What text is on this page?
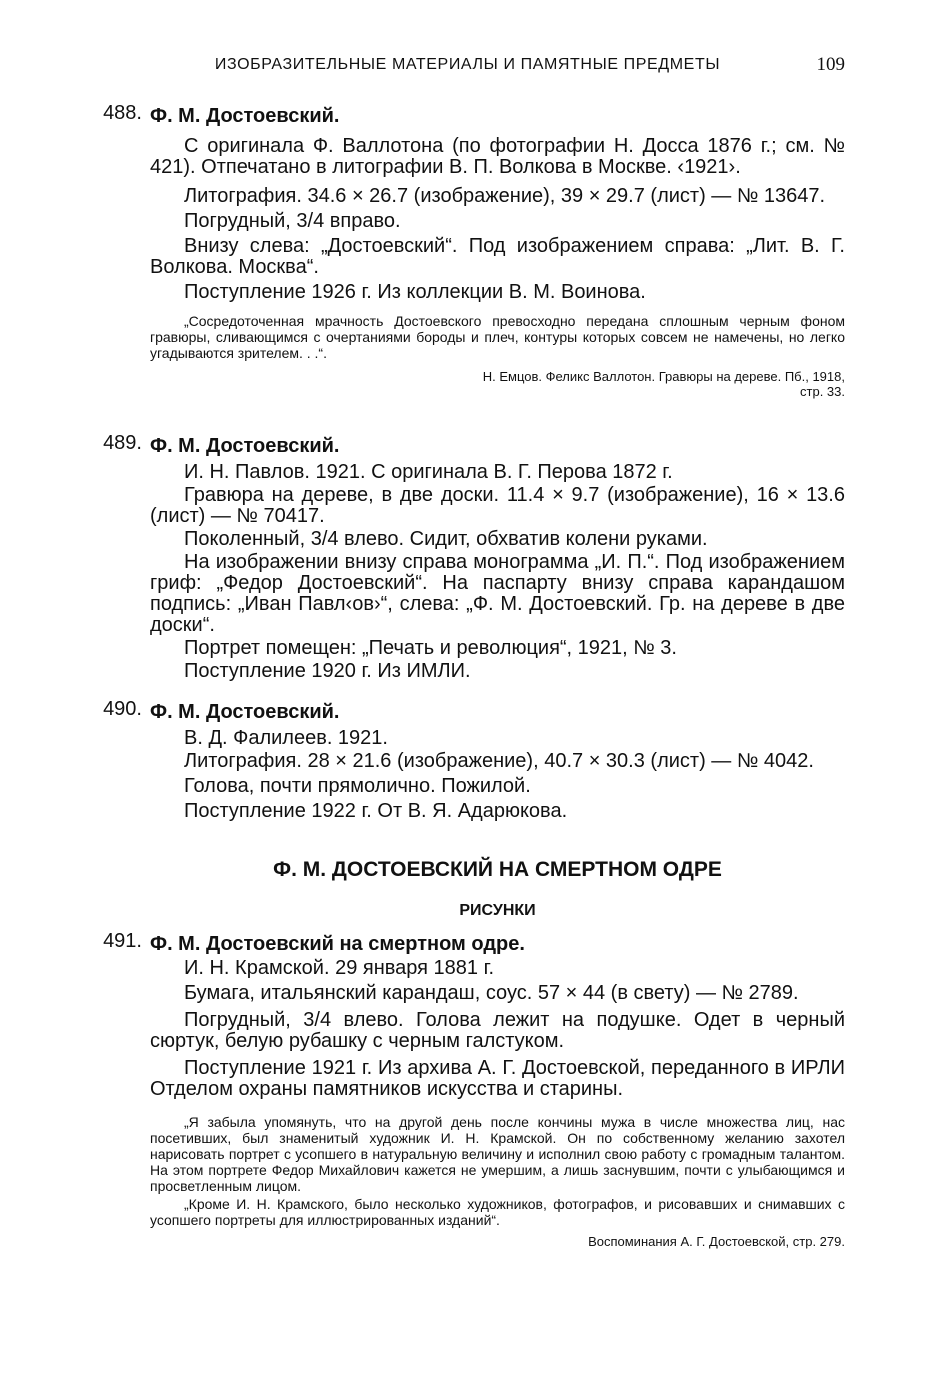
ИЗОБРАЗИТЕЛЬНЫЕ МАТЕРИАЛЫ И ПАМЯТНЫЕ ПРЕДМЕТЫ	109
488. Ф. М. Достоевский.

С оригинала Ф. Валлотона (по фотографии Н. Досса 1876 г.; см. № 421). Отпечатано в литографии В. П. Волкова в Москве. ‹1921›.

Литография. 34.6 × 26.7 (изображение), 39 × 29.7 (лист) — № 13647.

Погрудный, 3/4 вправо.

Внизу слева: „Достоевский“. Под изображением справа: „Лит. В. Г. Волкова. Москва“.

Поступление 1926 г. Из коллекции В. М. Воинова.

„Сосредоточенная мрачность Достоевского превосходно передана сплошным черным фоном гравюры, сливающимся с очертаниями бороды и плеч, контуры которых совсем не намечены, но легко угадываются зрителем. . .“.

Н. Емцов. Феликс Валлотон. Гравюры на дереве. Пб., 1918, стр. 33.

489. Ф. М. Достоевский.

И. Н. Павлов. 1921. С оригинала В. Г. Перова 1872 г.

Гравюра на дереве, в две доски. 11.4 × 9.7 (изображение), 16 × 13.6 (лист) — № 70417.

Поколенный, 3/4 влево. Сидит, обхватив колени руками.

На изображении внизу справа монограмма „И. П.“. Под изображением гриф: „Федор Достоевский“. На паспарту внизу справа карандашом подпись: „Иван Павл‹ов›“, слева: „Ф. М. Достоевский. Гр. на дереве в две доски“.

Портрет помещен: „Печать и революция“, 1921, № 3.

Поступление 1920 г. Из ИМЛИ.

490. Ф. М. Достоевский.

В. Д. Фалилеев. 1921.

Литография. 28 × 21.6 (изображение), 40.7 × 30.3 (лист) — № 4042.

Голова, почти прямолично. Пожилой.

Поступление 1922 г. От В. Я. Адарюкова.

Ф. М. ДОСТОЕВСКИЙ НА СМЕРТНОМ ОДРЕ
РИСУНКИ
491. Ф. М. Достоевский на смертном одре.

И. Н. Крамской. 29 января 1881 г.

Бумага, итальянский карандаш, соус. 57 × 44 (в свету) — № 2789.

Погрудный, 3/4 влево. Голова лежит на подушке. Одет в черный сюртук, белую рубашку с черным галстуком.

Поступление 1921 г. Из архива А. Г. Достоевской, переданного в ИРЛИ Отделом охраны памятников искусства и старины.

„Я забыла упомянуть, что на другой день после кончины мужа в числе множества лиц, нас посетивших, был знаменитый художник И. Н. Крамской. Он по собственному желанию захотел нарисовать портрет с усопшего в натуральную величину и исполнил свою работу с громадным талантом. На этом портрете Федор Михайлович кажется не умершим, а лишь заснувшим, почти с улыбающимся и просветленным лицом.

„Кроме И. Н. Крамского, было несколько художников, фотографов, и рисовавших и снимавших с усопшего портреты для иллюстрированных изданий“.

Воспоминания А. Г. Достоевской, стр. 279.
